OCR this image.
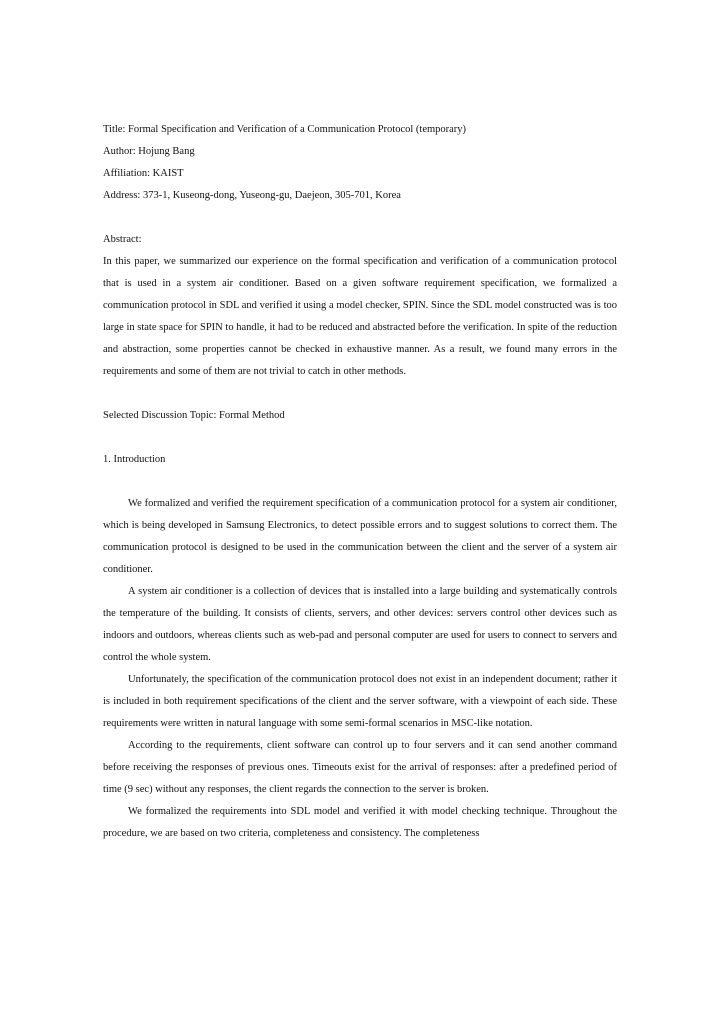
Title: Formal Specification and Verification of a Communication Protocol (temporary)

Author: Hojung Bang

Affiliation: KAIST

Address: 373-1, Kuseong-dong, Yuseong-gu, Daejeon, 305-701, Korea

Abstract:

In this paper, we summarized our experience on the formal specification and verification of a communication protocol that is used in a system air conditioner. Based on a given software requirement specification, we formalized a communication protocol in SDL and verified it using a model checker, SPIN. Since the SDL model constructed was is too large in state space for SPIN to handle, it had to be reduced and abstracted before the verification. In spite of the reduction and abstraction, some properties cannot be checked in exhaustive manner. As a result, we found many errors in the requirements and some of them are not trivial to catch in other methods.

Selected Discussion Topic: Formal Method

1. Introduction

We formalized and verified the requirement specification of a communication protocol for a system air conditioner, which is being developed in Samsung Electronics, to detect possible errors and to suggest solutions to correct them. The communication protocol is designed to be used in the communication between the client and the server of a system air conditioner.

A system air conditioner is a collection of devices that is installed into a large building and systematically controls the temperature of the building. It consists of clients, servers, and other devices: servers control other devices such as indoors and outdoors, whereas clients such as web-pad and personal computer are used for users to connect to servers and control the whole system.

Unfortunately, the specification of the communication protocol does not exist in an independent document; rather it is included in both requirement specifications of the client and the server software, with a viewpoint of each side. These requirements were written in natural language with some semi-formal scenarios in MSC-like notation.

According to the requirements, client software can control up to four servers and it can send another command before receiving the responses of previous ones. Timeouts exist for the arrival of responses: after a predefined period of time (9 sec) without any responses, the client regards the connection to the server is broken.

We formalized the requirements into SDL model and verified it with model checking technique. Throughout the procedure, we are based on two criteria, completeness and consistency. The completeness
